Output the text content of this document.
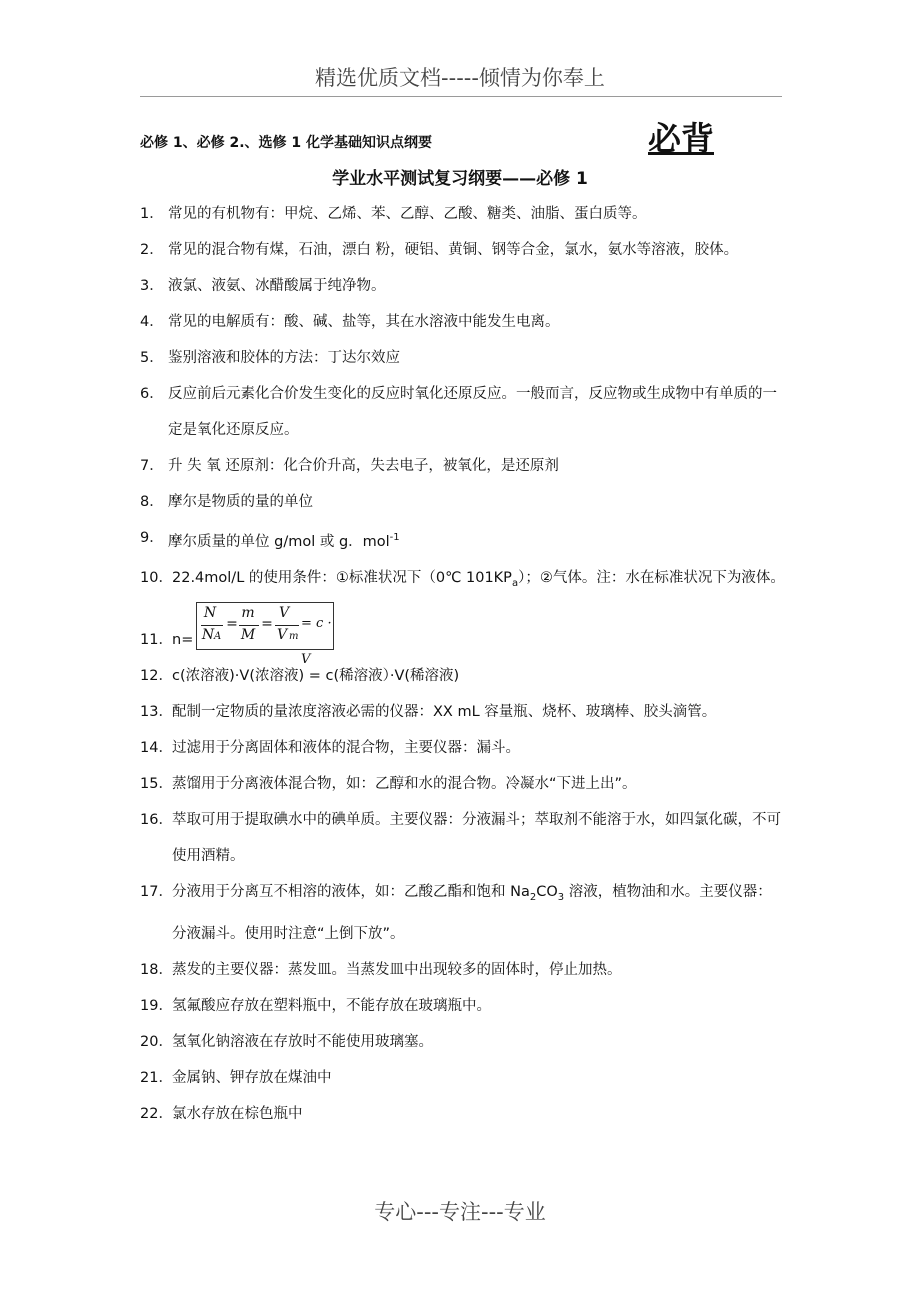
精选优质文档-----倾情为你奉上
必修 1、必修 2.、选修 1 化学基础知识点纲要	必背
学业水平测试复习纲要——必修 1
1． 常见的有机物有：甲烷、乙烯、苯、乙醇、乙酸、糖类、油脂、蛋白质等。
2． 常见的混合物有煤，石油，漂白 粉，硬铝、黄铜、钢等合金，氯水，氨水等溶液，胶体。
3． 液氯、液氨、冰醋酸属于纯净物。
4． 常见的电解质有：酸、碱、盐等，其在水溶液中能发生电离。
5． 鉴别溶液和胶体的方法：丁达尔效应
6． 反应前后元素化合价发生变化的反应时氧化还原反应。一般而言，反应物或生成物中有单质的一定是氧化还原反应。
7． 升 失 氧 还原剂：化合价升高，失去电子，被氧化，是还原剂
8． 摩尔是物质的量的单位
9． 摩尔质量的单位 g/mol 或 g．mol$^{-1}$
10． 22.4mol/L 的使用条件：①标准状况下（0℃ $101KP_a$）；②气体。注：水在标准状况下为液体。
11． n=
N
N A
=
m
M
=
V
V m
= c · V
12． c(浓溶液)·V(浓溶液) = c(稀溶液）·V(稀溶液)
13． 配制一定物质的量浓度溶液必需的仪器：XX mL 容量瓶、烧杯、玻璃棒、胶头滴管。
14． 过滤用于分离固体和液体的混合物，主要仪器：漏斗。
15． 蒸馏用于分离液体混合物，如：乙醇和水的混合物。冷凝水“下进上出”。
16． 萃取可用于提取碘水中的碘单质。主要仪器：分液漏斗；萃取剂不能溶于水，如四氯化碳，不可使用酒精。
17． 分液用于分离互不相溶的液体，如：乙酸乙酯和饱和 $Na_2CO_3$ 溶液，植物油和水。主要仪器：分液漏斗。使用时注意“上倒下放”。
18． 蒸发的主要仪器：蒸发皿。当蒸发皿中出现较多的固体时，停止加热。
19． 氢氟酸应存放在塑料瓶中，不能存放在玻璃瓶中。
20． 氢氧化钠溶液在存放时不能使用玻璃塞。
21． 金属钠、钾存放在煤油中
22． 氯水存放在棕色瓶中
专心---专注---专业
